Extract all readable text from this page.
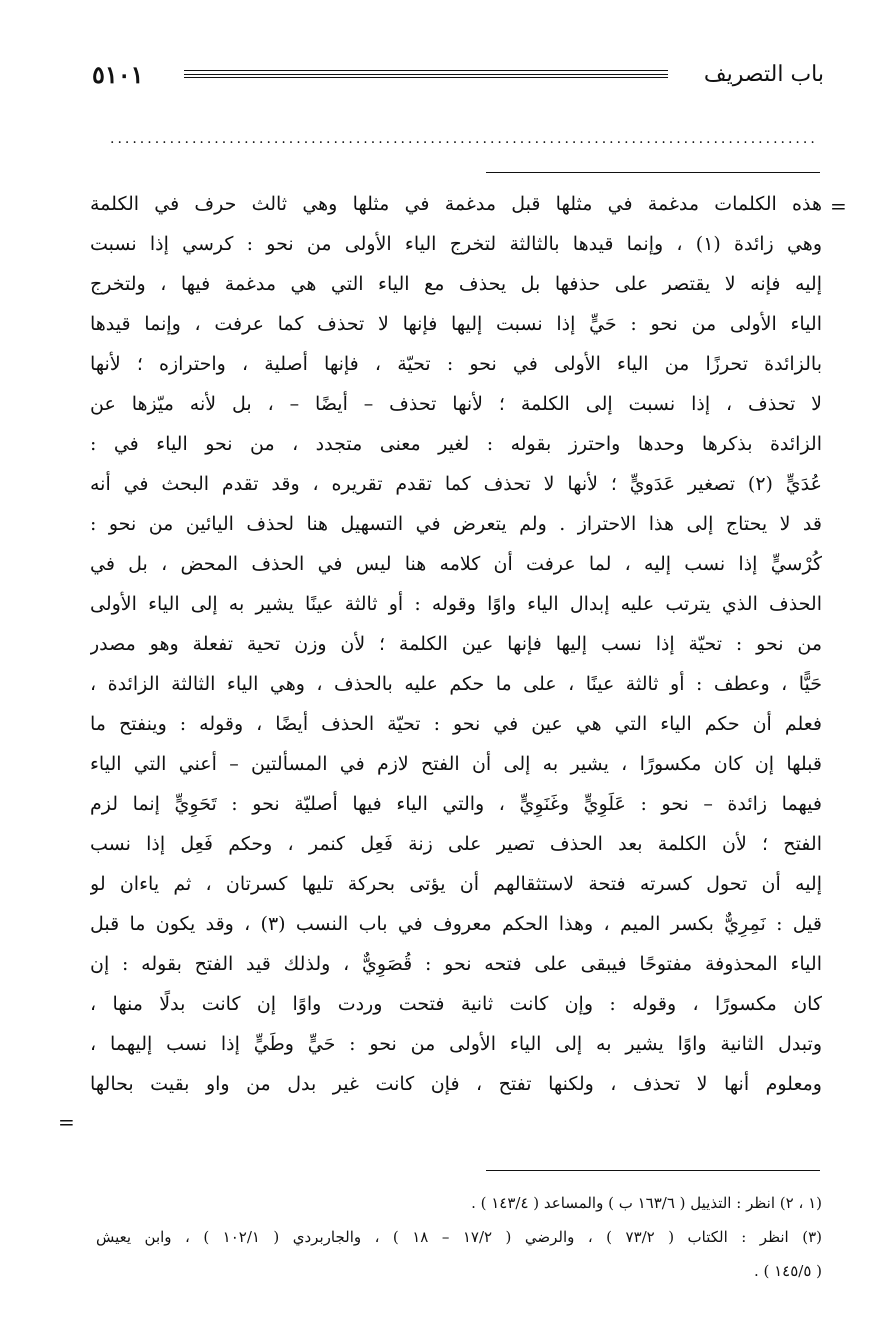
باب التصريف
٥١٠١
...............................................................................................
=
هذه الكلمات مدغمة في مثلها قبل مدغمة في مثلها وهي ثالث حرف في الكلمة
وهي زائدة (١) ، وإنما قيدها بالثالثة لتخرج الياء الأولى من نحو : كرسي إذا نسبت
إليه فإنه لا يقتصر على حذفها بل يحذف مع الياء التي هي مدغمة فيها ، ولتخرج
الياء الأولى من نحو : حَيٍّ إذا نسبت إليها فإنها لا تحذف كما عرفت ، وإنما قيدها
بالزائدة تحرزًا من الياء الأولى في نحو : تحيّة ، فإنها أصلية ، واحترازه ؛ لأنها
لا تحذف ، إذا نسبت إلى الكلمة ؛ لأنها تحذف – أيضًا – ، بل لأنه ميّزها عن
الزائدة بذكرها وحدها واحترز بقوله : لغير معنى متجدد ، من نحو الياء في :
عُدَيٍّ (٢) تصغير عَدَويٍّ ؛ لأنها لا تحذف كما تقدم تقريره ، وقد تقدم البحث في أنه
قد لا يحتاج إلى هذا الاحتراز . ولم يتعرض في التسهيل هنا لحذف اليائين من نحو :
كُرْسيٍّ إذا نسب إليه ، لما عرفت أن كلامه هنا ليس في الحذف المحض ، بل في
الحذف الذي يترتب عليه إبدال الياء واوًا وقوله : أو ثالثة عينًا يشير به إلى الياء الأولى
من نحو : تحيّة إذا نسب إليها فإنها عين الكلمة ؛ لأن وزن تحية تفعلة وهو مصدر
حَيًّا ، وعطف : أو ثالثة عينًا ، على ما حكم عليه بالحذف ، وهي الياء الثالثة الزائدة ،
فعلم أن حكم الياء التي هي عين في نحو : تحيّة الحذف أيضًا ، وقوله : وينفتح ما
قبلها إن كان مكسورًا ، يشير به إلى أن الفتح لازم في المسألتين – أعني التي الياء
فيهما زائدة – نحو : عَلَوِيٍّ وغَنَوِيٍّ ، والتي الياء فيها أصليّة نحو : تَحَوِيٍّ إنما لزم
الفتح ؛ لأن الكلمة بعد الحذف تصير على زنة فَعِل كنمر ، وحكم فَعِل إذا نسب
إليه أن تحول كسرته فتحة لاستثقالهم أن يؤتى بحركة تليها كسرتان ، ثم ياءان لو
قيل : نَمِرِيٌّ بكسر الميم ، وهذا الحكم معروف في باب النسب (٣) ، وقد يكون ما قبل
الياء المحذوفة مفتوحًا فيبقى على فتحه نحو : قُصَوِيٌّ ، ولذلك قيد الفتح بقوله : إن
كان مكسورًا ، وقوله : وإن كانت ثانية فتحت وردت واوًا إن كانت بدلًا منها ،
وتبدل الثانية واوًا يشير به إلى الياء الأولى من نحو : حَيٍّ وطَيٍّ إذا نسب إليهما ،
ومعلوم أنها لا تحذف ، ولكنها تفتح ، فإن كانت غير بدل من واو بقيت بحالها
=
(١ ، ٢) انظر : التذييل ( ١٦٣/٦ ب ) والمساعد ( ١٤٣/٤ ) .
(٣) انظر : الكتاب ( ٧٣/٢ ) ، والرضي ( ١٧/٢ – ١٨ ) ، والجاربردي ( ١٠٢/١ ) ، وابن يعيش
( ١٤٥/٥ ) .
